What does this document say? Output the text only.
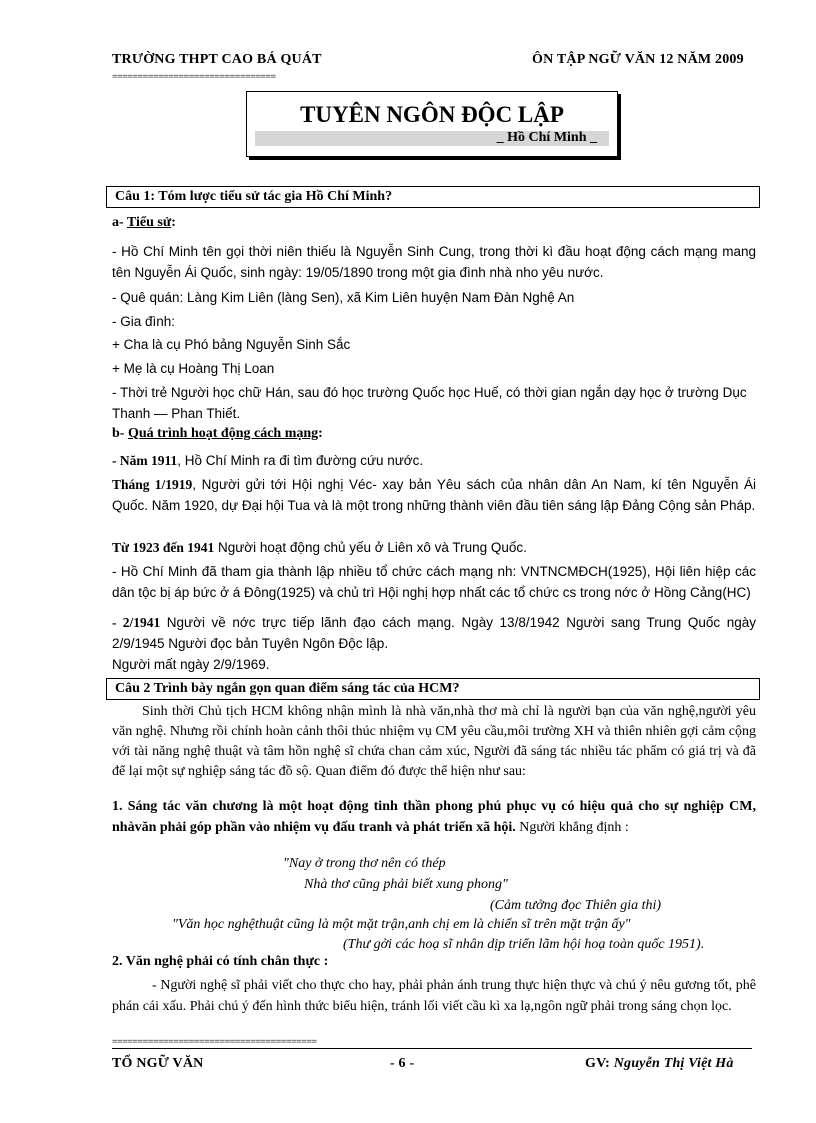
TRƯỜNG THPT CAO BÁ QUÁT	ÔN TẬP NGỮ VĂN 12 NĂM 2009
================================
TUYÊN NGÔN ĐỘC LẬP
_ Hồ Chí Minh _
Câu 1: Tóm lược tiểu sử tác gia Hồ Chí Minh?
a- Tiểu sử:
- Hồ Chí Minh tên gọi thời niên thiếu là Nguyễn Sinh Cung, trong thời kì đầu hoạt động cách mạng mang tên Nguyễn Ái Quốc, sinh ngày: 19/05/1890 trong một gia đình nhà nho yêu nước.
- Quê quán: Làng Kim Liên (làng Sen), xã Kim Liên huyện Nam Đàn Nghệ An
- Gia đình:
+ Cha là cụ Phó bảng Nguyễn Sinh Sắc
+ Mẹ là cụ Hoàng Thị Loan
- Thời trẻ Người học chữ Hán, sau đó học trường Quốc học Huế, có thời gian ngắn dạy học ở trường Dục Thanh — Phan Thiết.
b- Quá trình hoạt động cách mạng:
- Năm 1911, Hồ Chí Minh ra đi tìm đường cứu nước.
Tháng 1/1919, Người gửi tới Hội nghị Véc- xay bản Yêu sách của nhân dân An Nam, kí tên Nguyễn Ái Quốc. Năm 1920, dự Đại hội Tua và là một trong những thành viên đầu tiên sáng lập Đảng Cộng sản Pháp.
Từ 1923 đến 1941 Người hoạt động chủ yếu ở Liên xô và Trung Quốc.
- Hồ Chí Minh đã tham gia thành lập nhiều tổ chức cách mạng nh: VNTNCMĐCH(1925), Hội liên hiệp các dân tộc bị áp bức ở á Đông(1925) và chủ trì Hội nghị hợp nhất các tổ chức cs trong nớc ở Hồng Cảng(HC)
- 2/1941 Người về nớc trực tiếp lãnh đạo cách mạng. Ngày 13/8/1942 Người sang Trung Quốc ngày 2/9/1945 Người đọc bản Tuyên Ngôn Độc lập.
Người mất ngày 2/9/1969.
Câu 2 Trình bày ngắn gọn quan điểm sáng tác của HCM?
Sinh thời Chủ tịch HCM không nhận mình là nhà văn,nhà thơ mà chỉ là người bạn của văn nghệ,người yêu văn nghệ. Nhưng rồi chính hoàn cảnh thôi thúc nhiệm vụ CM yêu cầu,môi trường XH và thiên nhiên gợi cảm cộng với tài năng nghệ thuật và tâm hồn nghệ sĩ chứa chan cảm xúc, Người đã sáng tác nhiều tác phẩm có giá trị và đã để lại một sự nghiệp sáng tác đồ sộ. Quan điểm đó được thể hiện như sau:
1. Sáng tác văn chương là một hoạt động tinh thần phong phú phục vụ có hiệu quả cho sự nghiệp CM, nhàvăn phải góp phần vào nhiệm vụ đấu tranh và phát triển xã hội. Người khẳng định :
"Nay ở trong thơ nên có thép
Nhà thơ cũng phải biết xung phong"
(Cảm tưởng đọc Thiên gia thi)
"Văn học nghệthuật cũng là một mặt trận,anh chị em là chiến sĩ trên mặt trận ấy"
(Thư gởi các hoạ sĩ nhân dịp triển lãm hội hoạ toàn quốc 1951).
2. Văn nghệ phải có tính chân thực :
- Người nghệ sĩ phải viết cho thực cho hay, phải phản ánh trung thực hiện thực và chú ý nêu gương tốt, phê phán cái xấu. Phải chú ý đến hình thức biểu hiện, tránh lối viết cầu kì xa lạ,ngôn ngữ phải trong sáng chọn lọc.
========================================
TỔ NGỮ VĂN	- 6 -	GV: Nguyễn Thị Việt Hà
